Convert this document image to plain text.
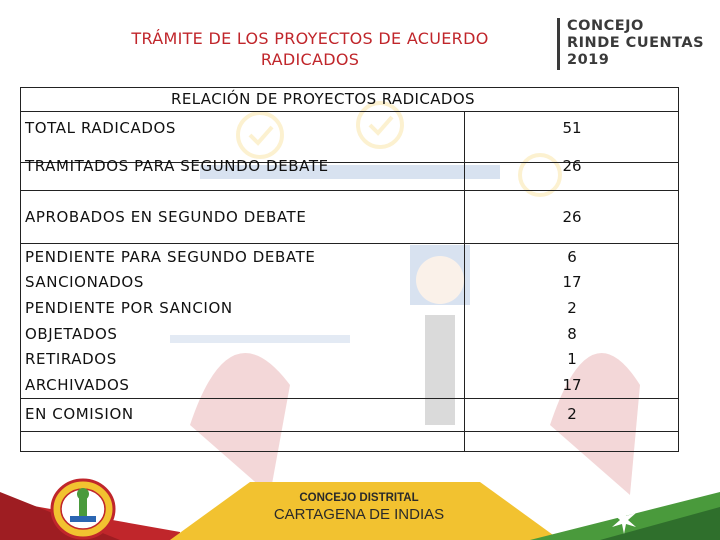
TRÁMITE DE LOS PROYECTOS DE ACUERDO
RADICADOS
CONCEJO
RINDE CUENTAS
2019
RELACIÓN DE PROYECTOS RADICADOS
TOTAL RADICADOS	51
TRAMITADOS PARA SEGUNDO DEBATE	26
APROBADOS EN SEGUNDO DEBATE	26
PENDIENTE PARA SEGUNDO DEBATE	6
SANCIONADOS	17
PENDIENTE POR SANCION	2
OBJETADOS	8
RETIRADOS	1
ARCHIVADOS	17
EN COMISION	2
CONCEJO DISTRITAL
CARTAGENA DE INDIAS
